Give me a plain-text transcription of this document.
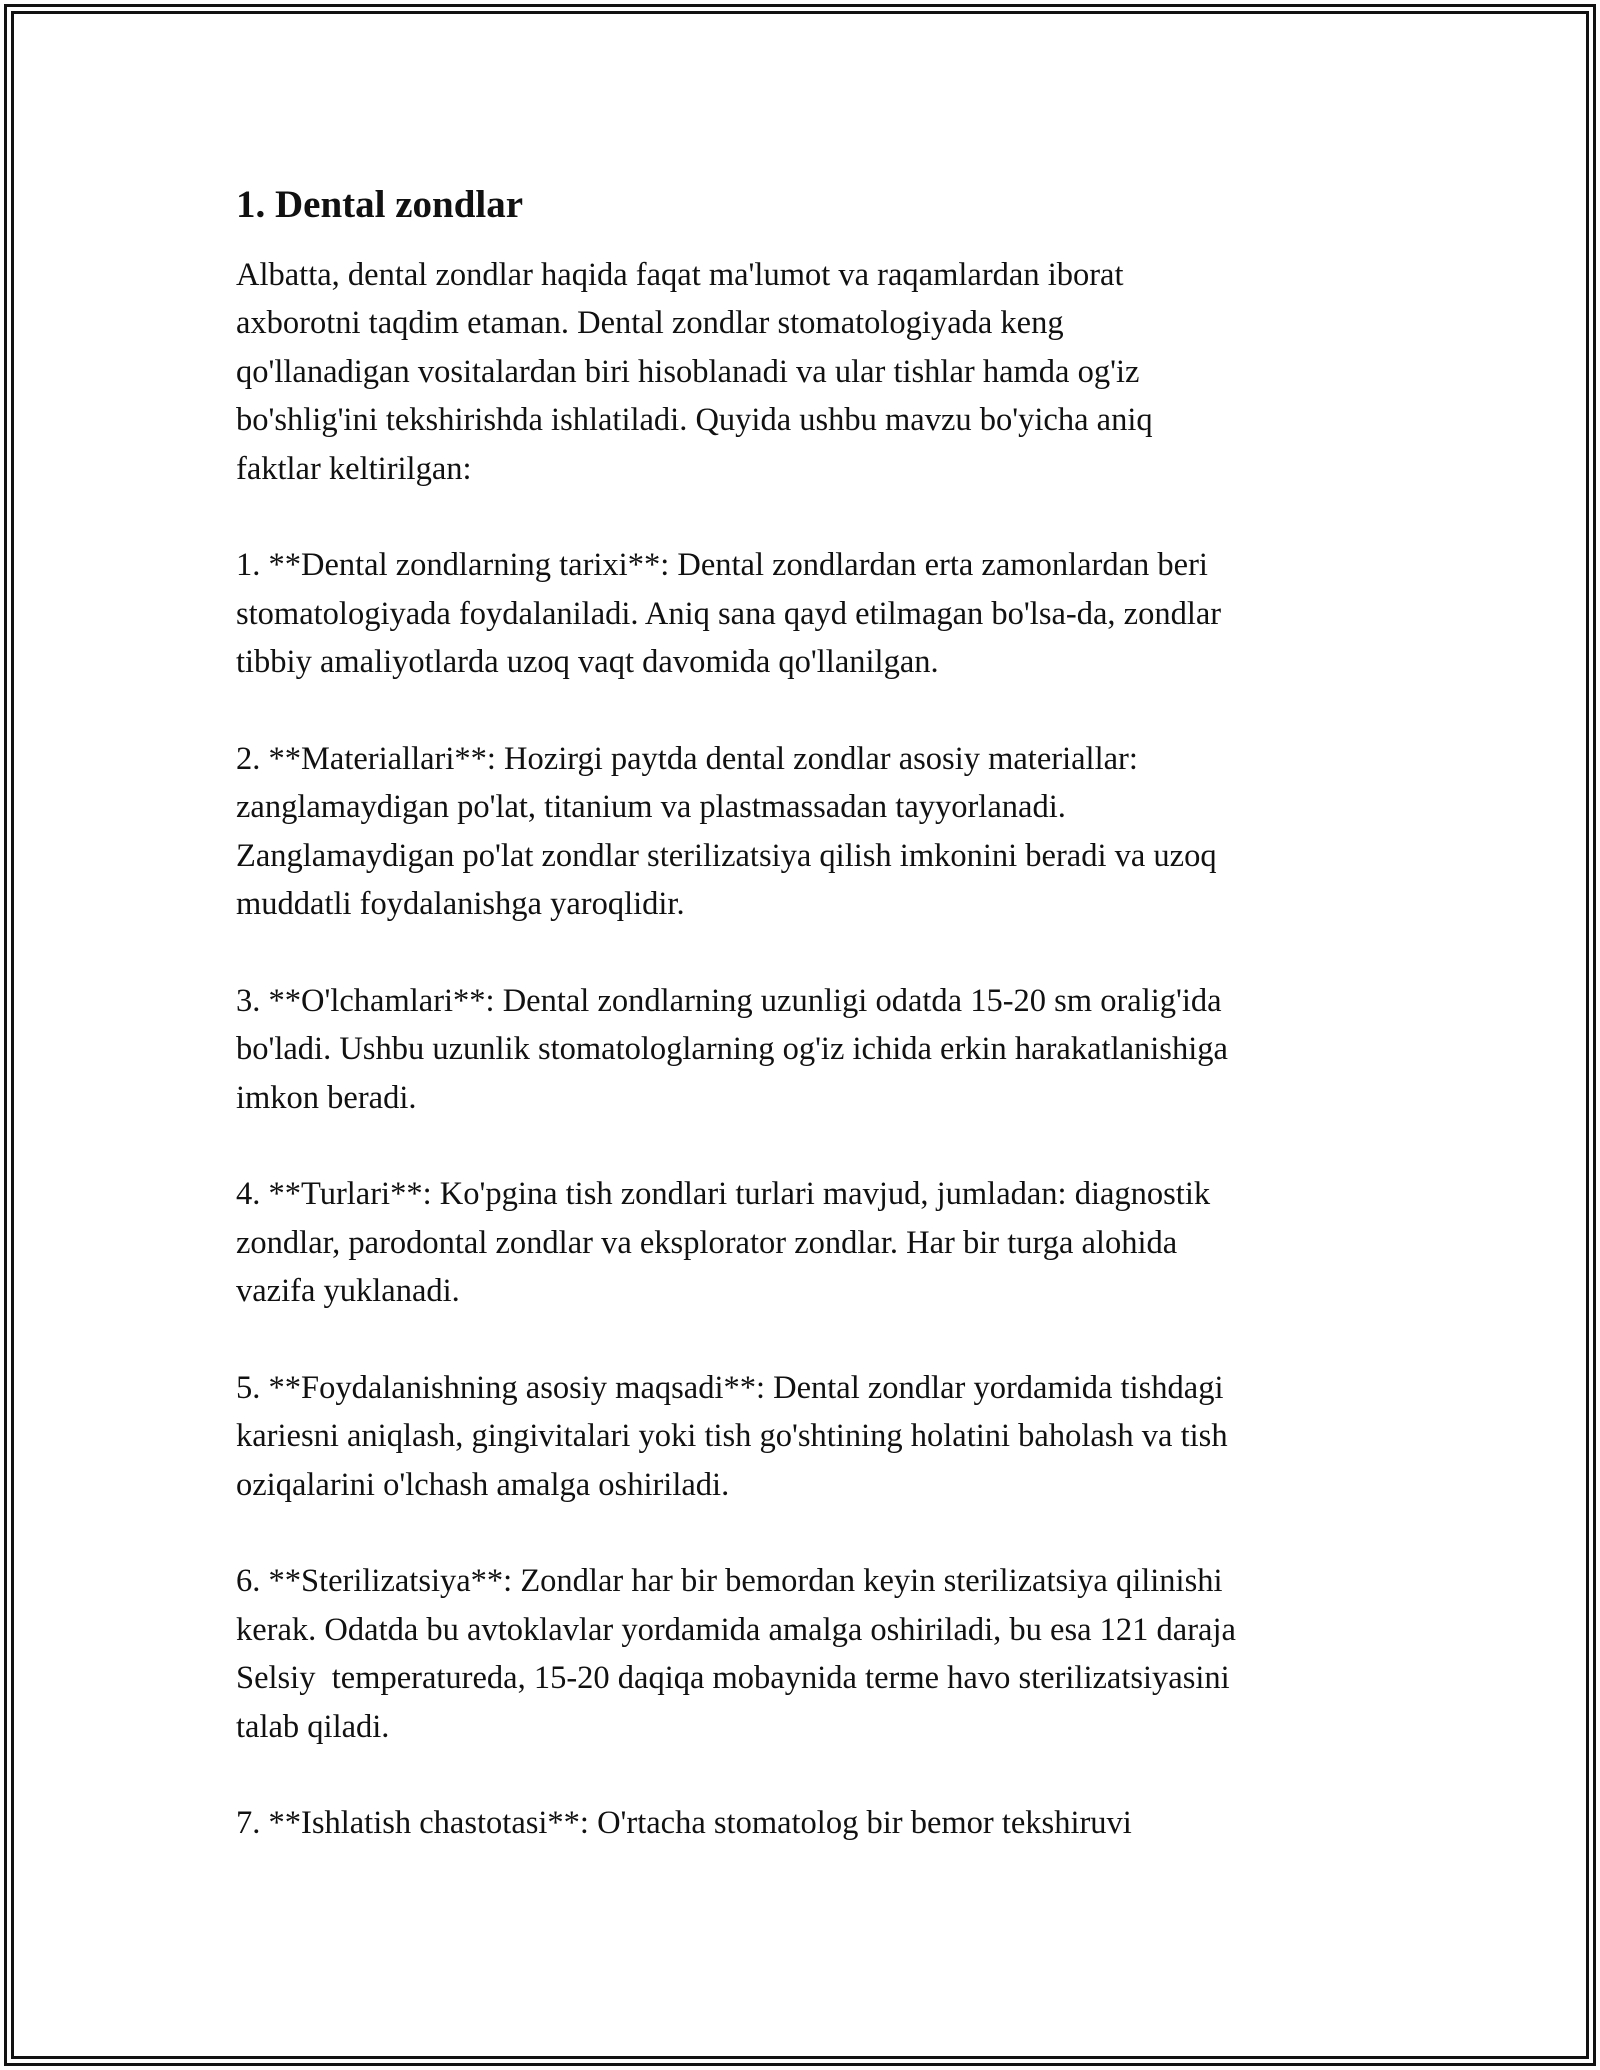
1. Dental zondlar

Albatta, dental zondlar haqida faqat ma'lumot va raqamlardan iborat
axborotni taqdim etaman. Dental zondlar stomatologiyada keng
qo'llanadigan vositalardan biri hisoblanadi va ular tishlar hamda og'iz
bo'shlig'ini tekshirishda ishlatiladi. Quyida ushbu mavzu bo'yicha aniq
faktlar keltirilgan:

1. **Dental zondlarning tarixi**: Dental zondlardan erta zamonlardan beri
stomatologiyada foydalaniladi. Aniq sana qayd etilmagan bo'lsa-da, zondlar
tibbiy amaliyotlarda uzoq vaqt davomida qo'llanilgan.

2. **Materiallari**: Hozirgi paytda dental zondlar asosiy materiallar:
zanglamaydigan po'lat, titanium va plastmassadan tayyorlanadi.
Zanglamaydigan po'lat zondlar sterilizatsiya qilish imkonini beradi va uzoq
muddatli foydalanishga yaroqlidir.

3. **O'lchamlari**: Dental zondlarning uzunligi odatda 15-20 sm oralig'ida
bo'ladi. Ushbu uzunlik stomatologlarning og'iz ichida erkin harakatlanishiga
imkon beradi.

4. **Turlari**: Ko'pgina tish zondlari turlari mavjud, jumladan: diagnostik
zondlar, parodontal zondlar va eksplorator zondlar. Har bir turga alohida
vazifa yuklanadi.

5. **Foydalanishning asosiy maqsadi**: Dental zondlar yordamida tishdagi
kariesni aniqlash, gingivitalari yoki tish go'shtining holatini baholash va tish
oziqalarini o'lchash amalga oshiriladi.

6. **Sterilizatsiya**: Zondlar har bir bemordan keyin sterilizatsiya qilinishi
kerak. Odatda bu avtoklavlar yordamida amalga oshiriladi, bu esa 121 daraja
Selsiy  temperatureda, 15-20 daqiqa mobaynida terme havo sterilizatsiyasini
talab qiladi.

7. **Ishlatish chastotasi**: O'rtacha stomatolog bir bemor tekshiruvi
